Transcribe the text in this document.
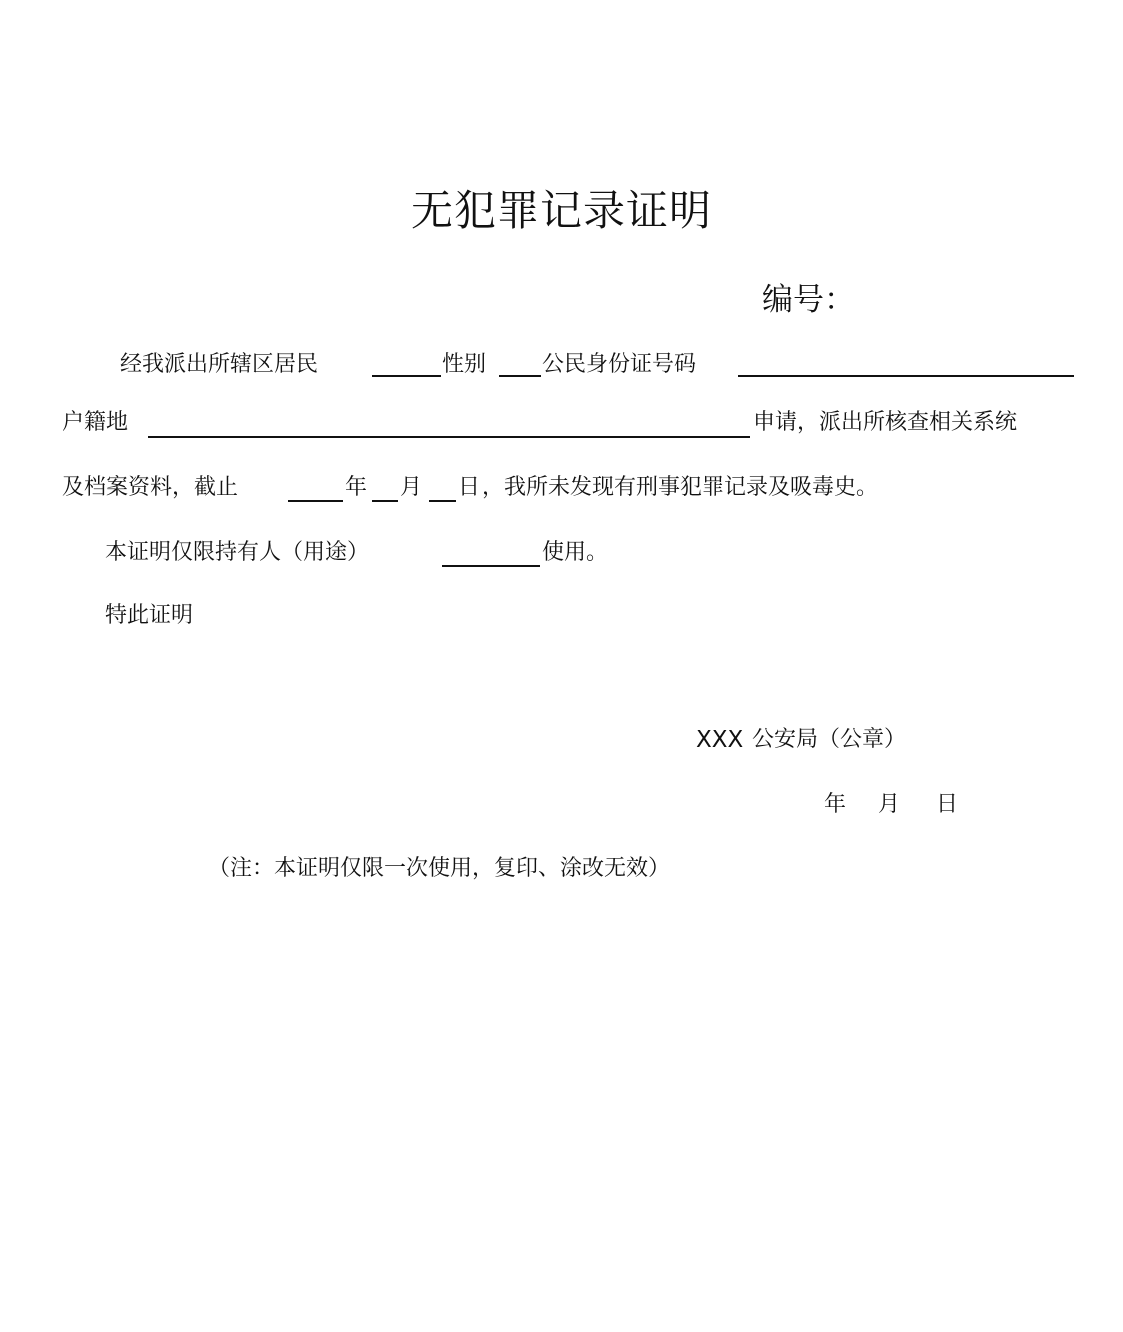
无犯罪记录证明
编号：
经我派出所辖区居民	性别	公民身份证号码
户籍地	申请，派出所核查相关系统
及档案资料，截止	年 月 日 ，我所未发现有刑事犯罪记录及吸毒史。
本证明仅限持有人（用途）	使用。
特此证明
XXX 公安局（公章）
年 月 日
（注：本证明仅限一次使用，复印、涂改无效）
